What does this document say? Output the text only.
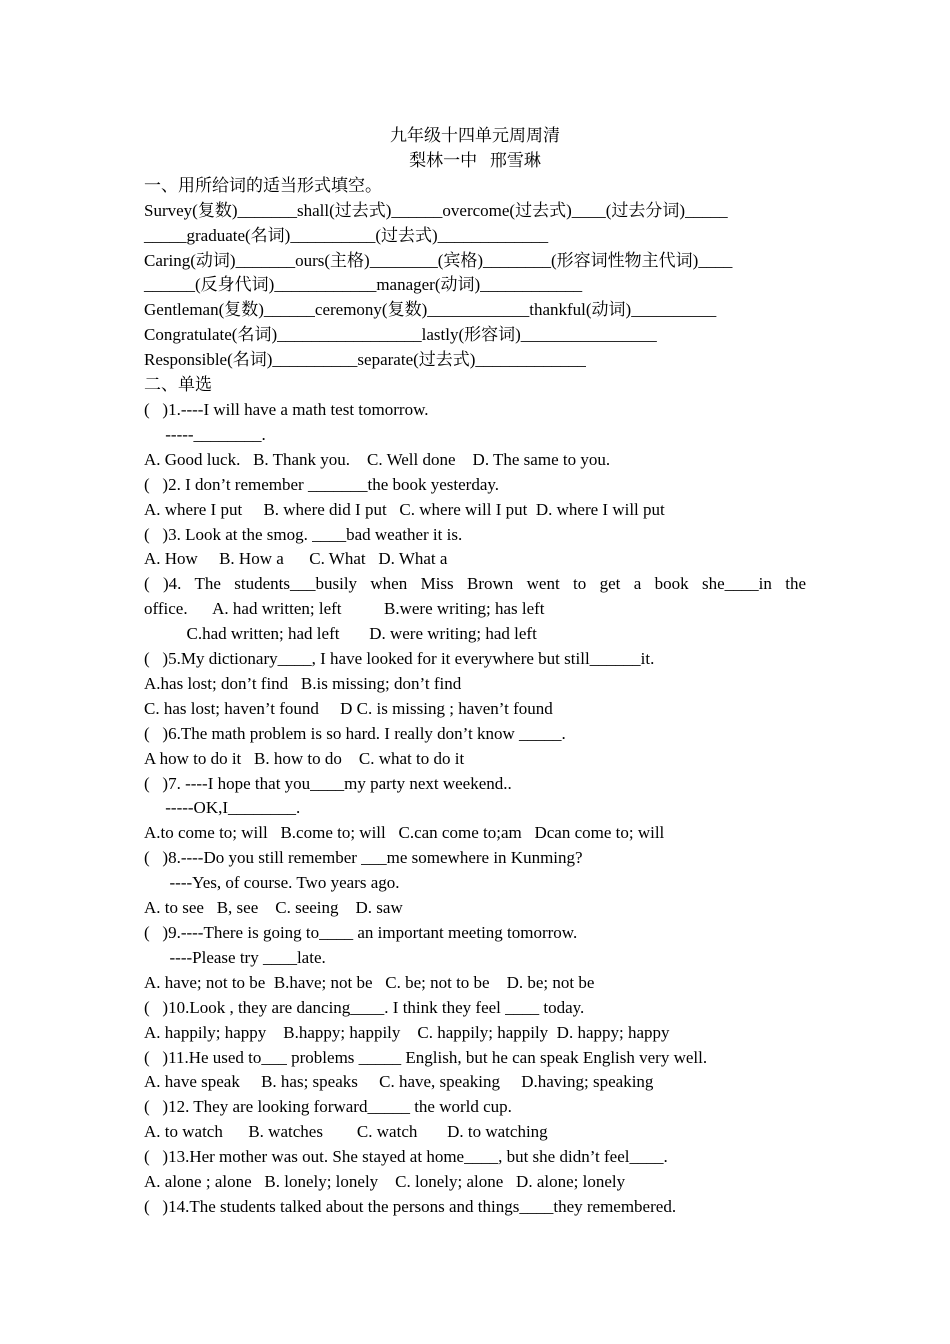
九年级十四单元周周清
梨林一中   邢雪琳
一、用所给词的适当形式填空。
Survey(复数)_______shall(过去式)______overcome(过去式)____(过去分词)_____
_____graduate(名词)__________(过去式)_____________
Caring(动词)_______ours(主格)________(宾格)________(形容词性物主代词)____
______(反身代词)____________manager(动词)____________
Gentleman(复数)______ceremony(复数)____________thankful(动词)__________
Congratulate(名词)_________________lastly(形容词)________________
Responsible(名词)__________separate(过去式)_____________
二、单选
(   )1.----I will have a math test tomorrow.
-----________.
A. Good luck.   B. Thank you.    C. Well done    D. The same to you.
(   )2. I don’t remember _______the book yesterday.
A. where I put     B. where did I put   C. where will I put  D. where I will put
(   )3. Look at the smog. ____bad weather it is.
A. How     B. How a      C. What   D. What a
( )4. The students___busily when Miss Brown went to get a book she____in the
office.      A. had written; left          B.were writing; has left
C.had written; had left       D. were writing; had left
(   )5.My dictionary____, I have looked for it everywhere but still______it.
A.has lost; don’t find   B.is missing; don’t find
C. has lost; haven’t found     D C. is missing ; haven’t found
(   )6.The math problem is so hard. I really don’t know _____.
A how to do it   B. how to do    C. what to do it
(   )7. ----I hope that you____my party next weekend..
-----OK,I________.
A.to come to; will   B.come to; will   C.can come to;am   Dcan come to; will
(   )8.----Do you still remember ___me somewhere in Kunming?
----Yes, of course. Two years ago.
A. to see   B, see    C. seeing    D. saw
(   )9.----There is going to____ an important meeting tomorrow.
----Please try ____late.
A. have; not to be  B.have; not be   C. be; not to be    D. be; not be
(   )10.Look , they are dancing____. I think they feel ____ today.
A. happily; happy    B.happy; happily    C. happily; happily  D. happy; happy
(   )11.He used to___ problems _____ English, but he can speak English very well.
A. have speak     B. has; speaks     C. have, speaking     D.having; speaking
(   )12. They are looking forward_____ the world cup.
A. to watch      B. watches        C. watch       D. to watching
(   )13.Her mother was out. She stayed at home____, but she didn’t feel____.
A. alone ; alone   B. lonely; lonely    C. lonely; alone   D. alone; lonely
(   )14.The students talked about the persons and things____they remembered.
